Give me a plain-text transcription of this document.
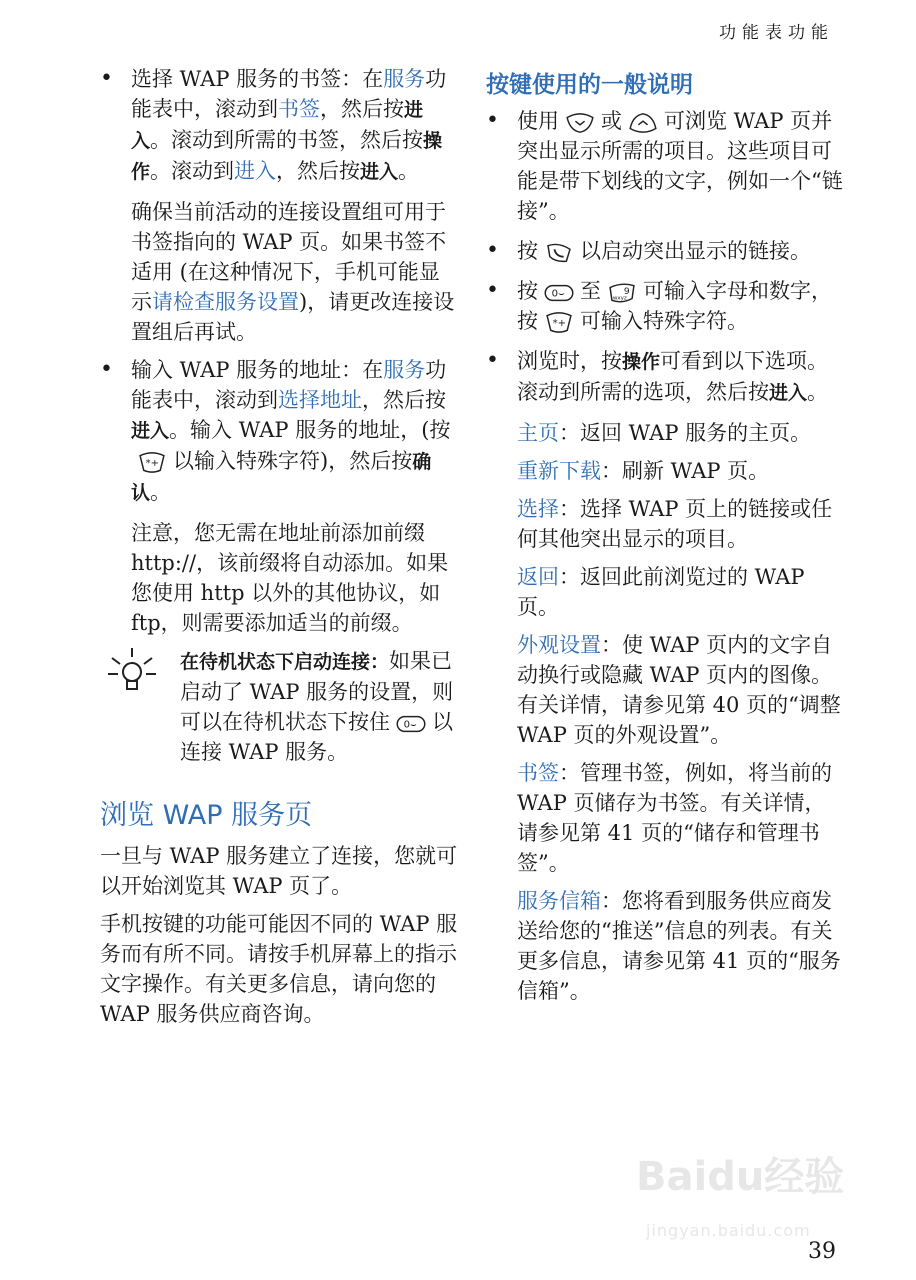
功能表功能
• 选择 WAP 服务的书签：在服务功能表中，滚动到书签，然后按进入。滚动到所需的书签，然后按操作。滚动到进入，然后按进入。
确保当前活动的连接设置组可用于书签指向的 WAP 页。如果书签不适用 (在这种情况下，手机可能显示请检查服务设置)，请更改连接设置组后再试。
• 输入 WAP 服务的地址：在服务功能表中，滚动到选择地址，然后按进入。输入 WAP 服务的地址，(按
*+ 以输入特殊字符)，然后按确认。
注意，您无需在地址前添加前缀 http://，该前缀将自动添加。如果您使用 http 以外的其他协议，如 ftp，则需要添加适当的前缀。
在待机状态下启动连接：如果已启动了 WAP 服务的设置，则可以在待机状态下按住 0⌣ 以连接 WAP 服务。
浏览 WAP 服务页
一旦与 WAP 服务建立了连接，您就可以开始浏览其 WAP 页了。
手机按键的功能可能因不同的 WAP 服务而有所不同。请按手机屏幕上的指示文字操作。有关更多信息，请向您的 WAP 服务供应商咨询。
按键使用的一般说明
• 使用 或 可浏览 WAP 页并突出显示所需的项目。这些项目可能是带下划线的文字，例如一个“链接”。
• 按 以启动突出显示的链接。
• 按 0⌣ 至 9
wxyz 可输入字母和数字，按 *+ 可输入特殊字符。
• 浏览时，按操作可看到以下选项。滚动到所需的选项，然后按进入。
主页：返回 WAP 服务的主页。
重新下载：刷新 WAP 页。
选择：选择 WAP 页上的链接或任何其他突出显示的项目。
返回：返回此前浏览过的 WAP 页。
外观设置：使 WAP 页内的文字自动换行或隐藏 WAP 页内的图像。有关详情，请参见第 40 页的“调整 WAP 页的外观设置”。
书签：管理书签，例如，将当前的 WAP 页储存为书签。有关详情，请参见第 41 页的“储存和管理书签”。
服务信箱：您将看到服务供应商发送给您的“推送”信息的列表。有关更多信息，请参见第 41 页的“服务信箱”。
Baidu经验
jingyan.baidu.com
39
